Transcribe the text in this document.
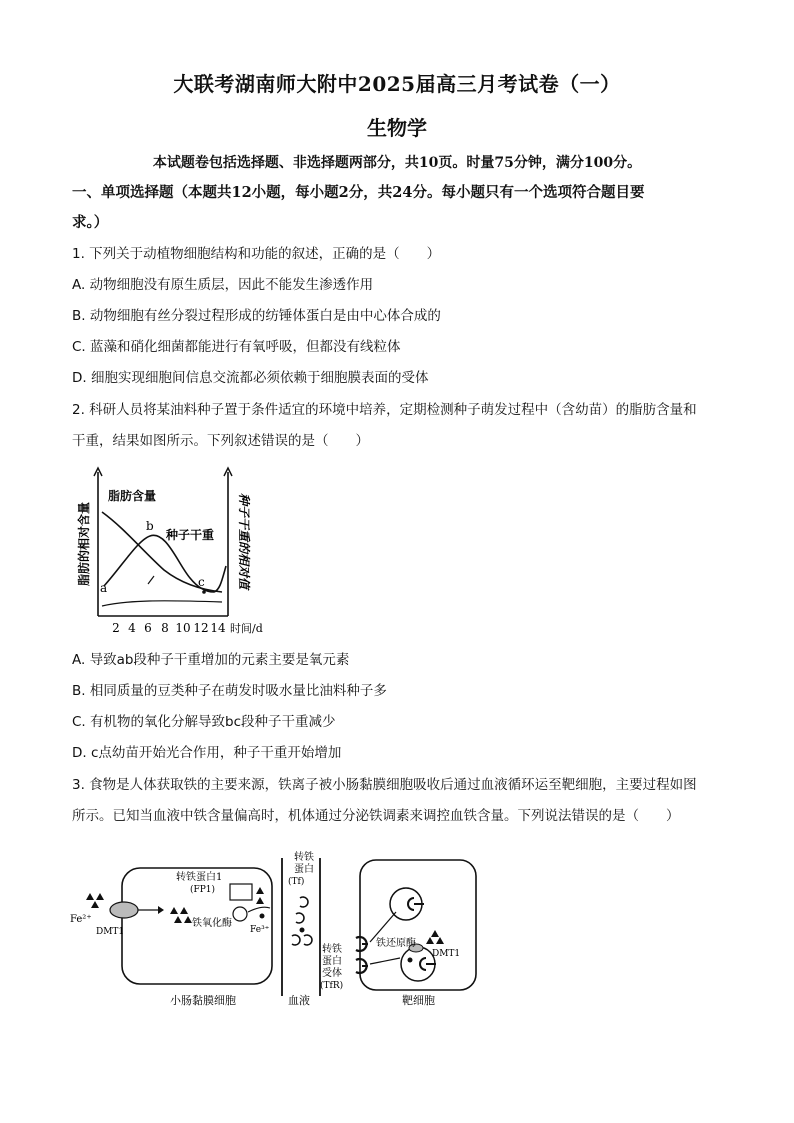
大联考湖南师大附中2025届高三月考试卷（一）
生物学
本试题卷包括选择题、非选择题两部分，共10页。时量75分钟，满分100分。
一、单项选择题（本题共12小题，每小题2分，共24分。每小题只有一个选项符合题目要
求。）
1. 下列关于动植物细胞结构和功能的叙述，正确的是（　　）
A. 动物细胞没有原生质层，因此不能发生渗透作用
B. 动物细胞有丝分裂过程形成的纺锤体蛋白是由中心体合成的
C. 蓝藻和硝化细菌都能进行有氧呼吸，但都没有线粒体
D. 细胞实现细胞间信息交流都必须依赖于细胞膜表面的受体
2. 科研人员将某油料种子置于条件适宜的环境中培养，定期检测种子萌发过程中（含幼苗）的脂肪含量和
干重，结果如图所示。下列叙述错误的是（　　）
脂肪的相对含量	种子干重的相对值
脂肪含量
种子干重
a
b
c
2 4 6 8 10 12 14 时间/d
A. 导致ab段种子干重增加的元素主要是氧元素
B. 相同质量的豆类种子在萌发时吸水量比油料种子多
C. 有机物的氧化分解导致bc段种子干重减少
D. c点幼苗开始光合作用，种子干重开始增加
3. 食物是人体获取铁的主要来源，铁离子被小肠黏膜细胞吸收后通过血液循环运至靶细胞，主要过程如图
所示。已知当血液中铁含量偏高时，机体通过分泌铁调素来调控血铁含量。下列说法错误的是（　　）
Fe²⁺
DMT1
转铁蛋白1
(FP1)
铁氧化酶
Fe³⁺
转铁
蛋白
(Tf)
转铁
蛋白
受体
(TfR)
铁还原酶
DMT1
小肠黏膜细胞	血液	靶细胞
